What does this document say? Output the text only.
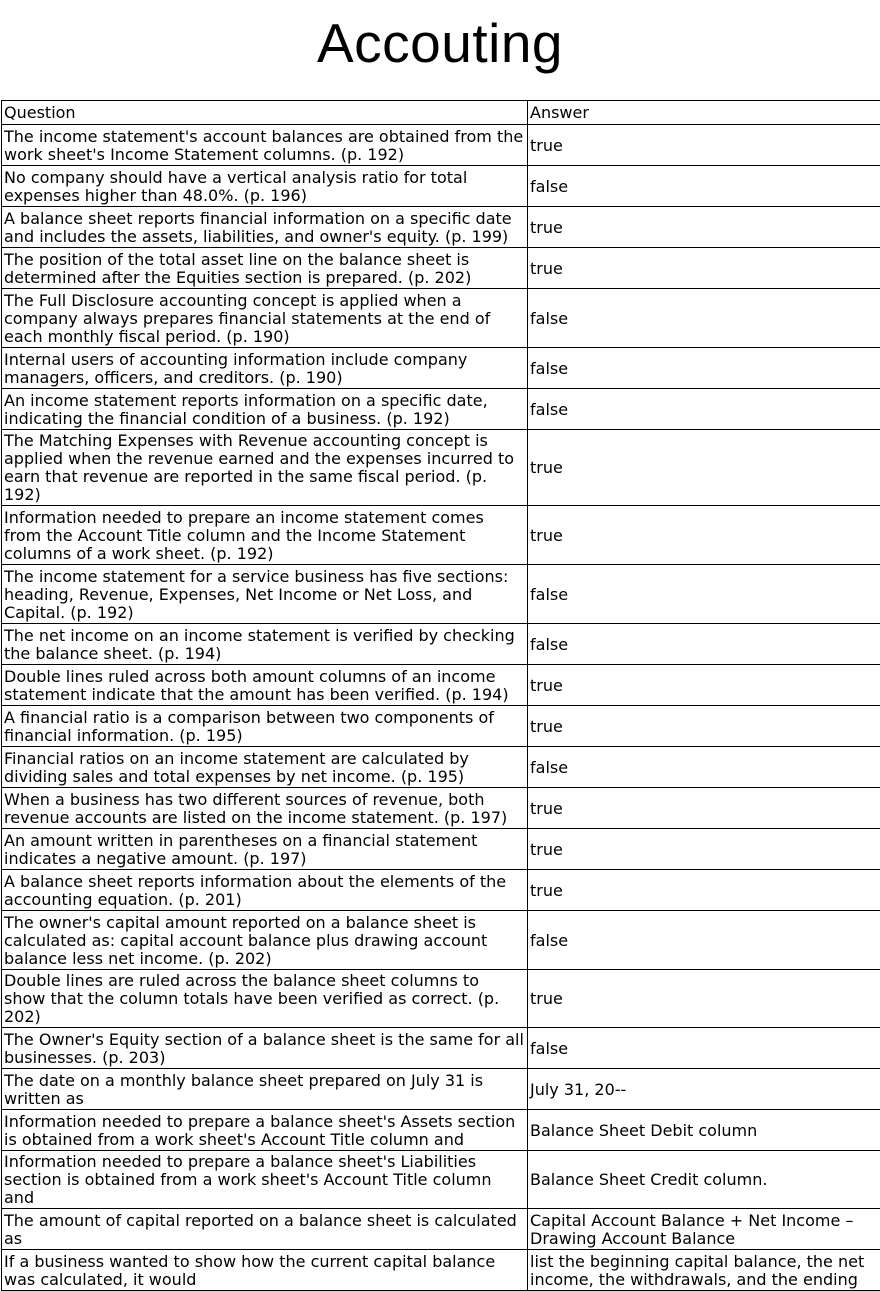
Accouting
Question	Answer
The income statement's account balances are obtained from the work sheet's Income Statement columns. (p. 192)	true
No company should have a vertical analysis ratio for total expenses higher than 48.0%. (p. 196)	false
A balance sheet reports financial information on a specific date and includes the assets, liabilities, and owner's equity. (p. 199)	true
The position of the total asset line on the balance sheet is determined after the Equities section is prepared. (p. 202)	true
The Full Disclosure accounting concept is applied when a company always prepares financial statements at the end of each monthly fiscal period. (p. 190)	false
Internal users of accounting information include company managers, officers, and creditors. (p. 190)	false
An income statement reports information on a specific date, indicating the financial condition of a business. (p. 192)	false
The Matching Expenses with Revenue accounting concept is applied when the revenue earned and the expenses incurred to earn that revenue are reported in the same fiscal period. (p. 192)	true
Information needed to prepare an income statement comes from the Account Title column and the Income Statement columns of a work sheet. (p. 192)	true
The income statement for a service business has five sections: heading, Revenue, Expenses, Net Income or Net Loss, and Capital. (p. 192)	false
The net income on an income statement is verified by checking the balance sheet. (p. 194)	false
Double lines ruled across both amount columns of an income statement indicate that the amount has been verified. (p. 194)	true
A financial ratio is a comparison between two components of financial information. (p. 195)	true
Financial ratios on an income statement are calculated by dividing sales and total expenses by net income. (p. 195)	false
When a business has two different sources of revenue, both revenue accounts are listed on the income statement. (p. 197)	true
An amount written in parentheses on a financial statement indicates a negative amount. (p. 197)	true
A balance sheet reports information about the elements of the accounting equation. (p. 201)	true
The owner's capital amount reported on a balance sheet is calculated as: capital account balance plus drawing account balance less net income. (p. 202)	false
Double lines are ruled across the balance sheet columns to show that the column totals have been verified as correct. (p. 202)	true
The Owner's Equity section of a balance sheet is the same for all businesses. (p. 203)	false
The date on a monthly balance sheet prepared on July 31 is written as	July 31, 20--
Information needed to prepare a balance sheet's Assets section is obtained from a work sheet's Account Title column and	Balance Sheet Debit column
Information needed to prepare a balance sheet's Liabilities section is obtained from a work sheet's Account Title column and	Balance Sheet Credit column.
The amount of capital reported on a balance sheet is calculated as	Capital Account Balance + Net Income – Drawing Account Balance
If a business wanted to show how the current capital balance was calculated, it would	list the beginning capital balance, the net income, the withdrawals, and the ending
